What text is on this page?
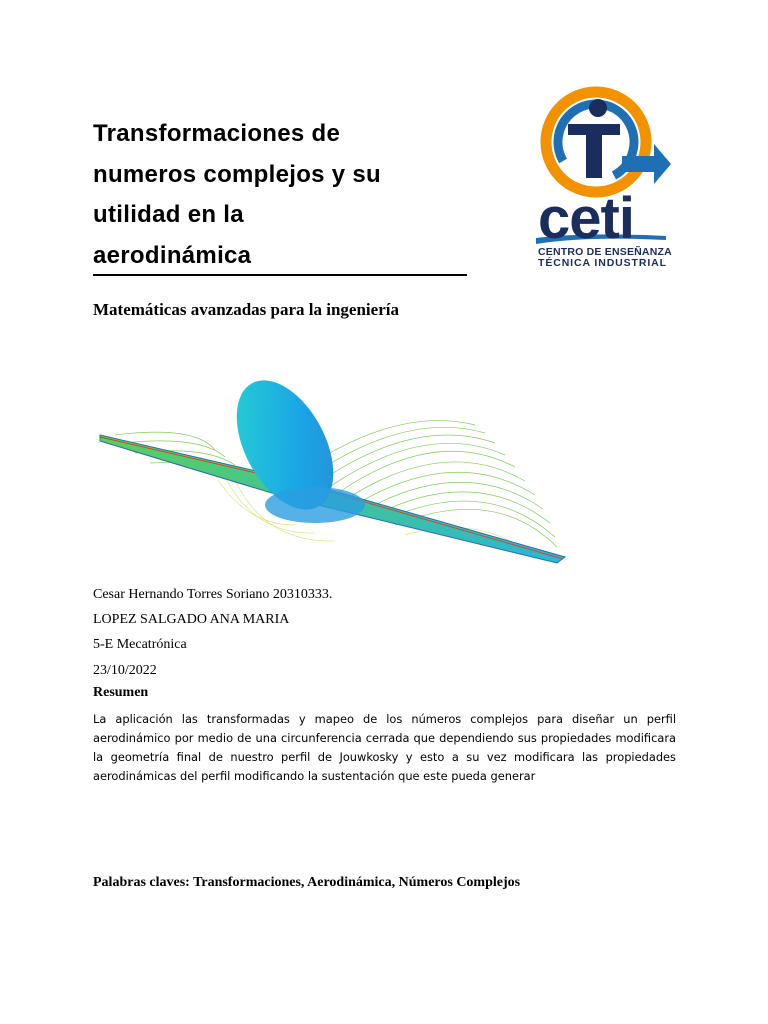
Transformaciones de
numeros complejos y su
utilidad en la
aerodinámica
Matemáticas avanzadas para la ingeniería
ceti
CENTRO DE ENSEÑANZA
TÉCNICA INDUSTRIAL
Cesar Hernando Torres Soriano 20310333.
LOPEZ SALGADO ANA MARIA
5-E Mecatrónica
23/10/2022
Resumen

La aplicación las transformadas y mapeo de los números complejos para diseñar un perfil aerodinámico por medio de una circunferencia cerrada que dependiendo sus propiedades modificara la geometría final de nuestro perfil de Jouwkosky y esto a su vez modificara las propiedades aerodinámicas del perfil modificando la sustentación que este pueda generar

Palabras claves: Transformaciones, Aerodinámica, Números Complejos
